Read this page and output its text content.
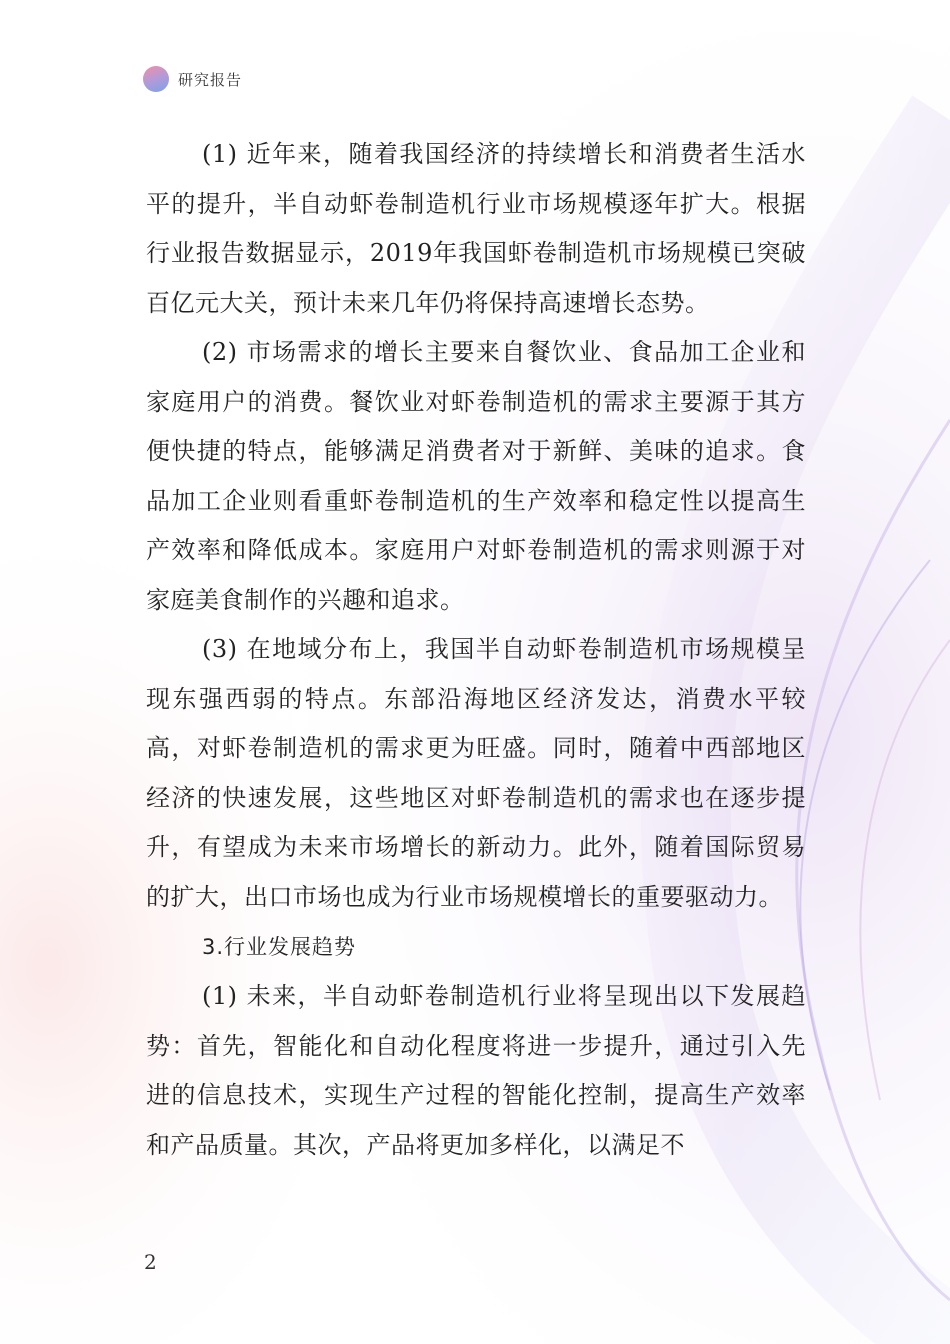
研究报告

(1) 近年来，随着我国经济的持续增长和消费者生活水平的提升，半自动虾卷制造机行业市场规模逐年扩大。根据行业报告数据显示，2019年我国虾卷制造机市场规模已突破百亿元大关，预计未来几年仍将保持高速增长态势。

(2) 市场需求的增长主要来自餐饮业、食品加工企业和家庭用户的消费。餐饮业对虾卷制造机的需求主要源于其方便快捷的特点，能够满足消费者对于新鲜、美味的追求。食品加工企业则看重虾卷制造机的生产效率和稳定性以提高生产效率和降低成本。家庭用户对虾卷制造机的需求则源于对家庭美食制作的兴趣和追求。

(3) 在地域分布上，我国半自动虾卷制造机市场规模呈现东强西弱的特点。东部沿海地区经济发达，消费水平较高，对虾卷制造机的需求更为旺盛。同时，随着中西部地区经济的快速发展，这些地区对虾卷制造机的需求也在逐步提升，有望成为未来市场增长的新动力。此外，随着国际贸易的扩大，出口市场也成为行业市场规模增长的重要驱动力。

3.行业发展趋势

(1) 未来，半自动虾卷制造机行业将呈现出以下发展趋势：首先，智能化和自动化程度将进一步提升，通过引入先进的信息技术，实现生产过程的智能化控制，提高生产效率和产品质量。其次，产品将更加多样化，以满足不

2
